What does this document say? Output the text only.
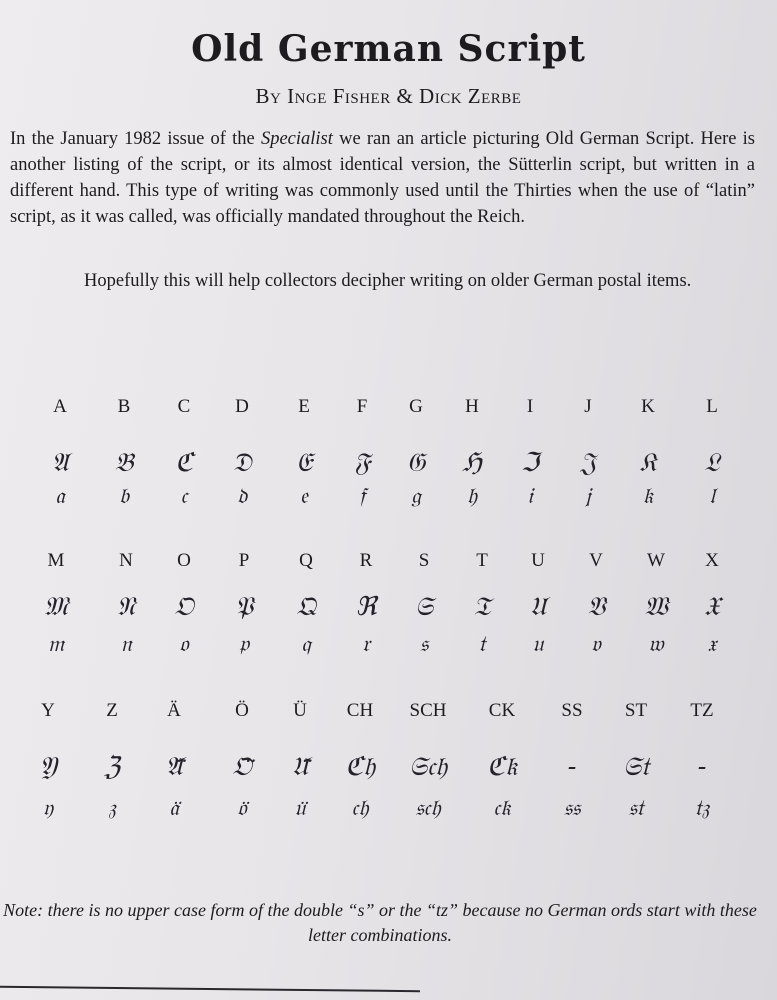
Old German Script
By Inge Fisher & Dick Zerbe
In the January 1982 issue of the Specialist we ran an article picturing Old German Script. Here is another listing of the script, or its almost identical version, the Sütterlin script, but written in a different hand. This type of writing was commonly used until the Thirties when the use of “latin” script, as it was called, was officially mandated throughout the Reich.
Hopefully this will help collectors decipher writing on older German postal items.
A	B C D	E F G H	I	J	K	L
𝔄 𝔅 ℭ 𝔇 𝔈 𝔉 𝔊 ℌ ℑ 𝔍 𝔎 𝔏
𝔞 𝔟 𝔠 𝔡 𝔢 𝔣 𝔤 𝔥 𝔦 𝔧 𝔨	𝔩
M	N O	P	Q R S T U V W X
𝔐 𝔑 𝔒 𝔓 𝔔 ℜ 𝔖 𝔗 𝔘 𝔙 𝔚 𝔛
𝔪	𝔫 𝔬 𝔭 𝔮 𝔯 𝔰 𝔱 𝔲 𝔳 𝔴 𝔵
Y	Z	Ä	Ö Ü CH SCH CK SS ST TZ
𝔜 ℨ 𝔄̈ 𝔒̈ 𝔘̈ ℭ𝔥 𝔖𝔠𝔥 ℭ𝔨 - 𝔖𝔱 -
𝔶	𝔷 𝔞̈	𝔬̈ 𝔲̈ 𝔠𝔥 𝔰𝔠𝔥 𝔠𝔨 𝔰𝔰 𝔰𝔱 𝔱𝔷
Note: there is no upper case form of the double “s” or the “tz” because no German ords start with these letter combinations.
